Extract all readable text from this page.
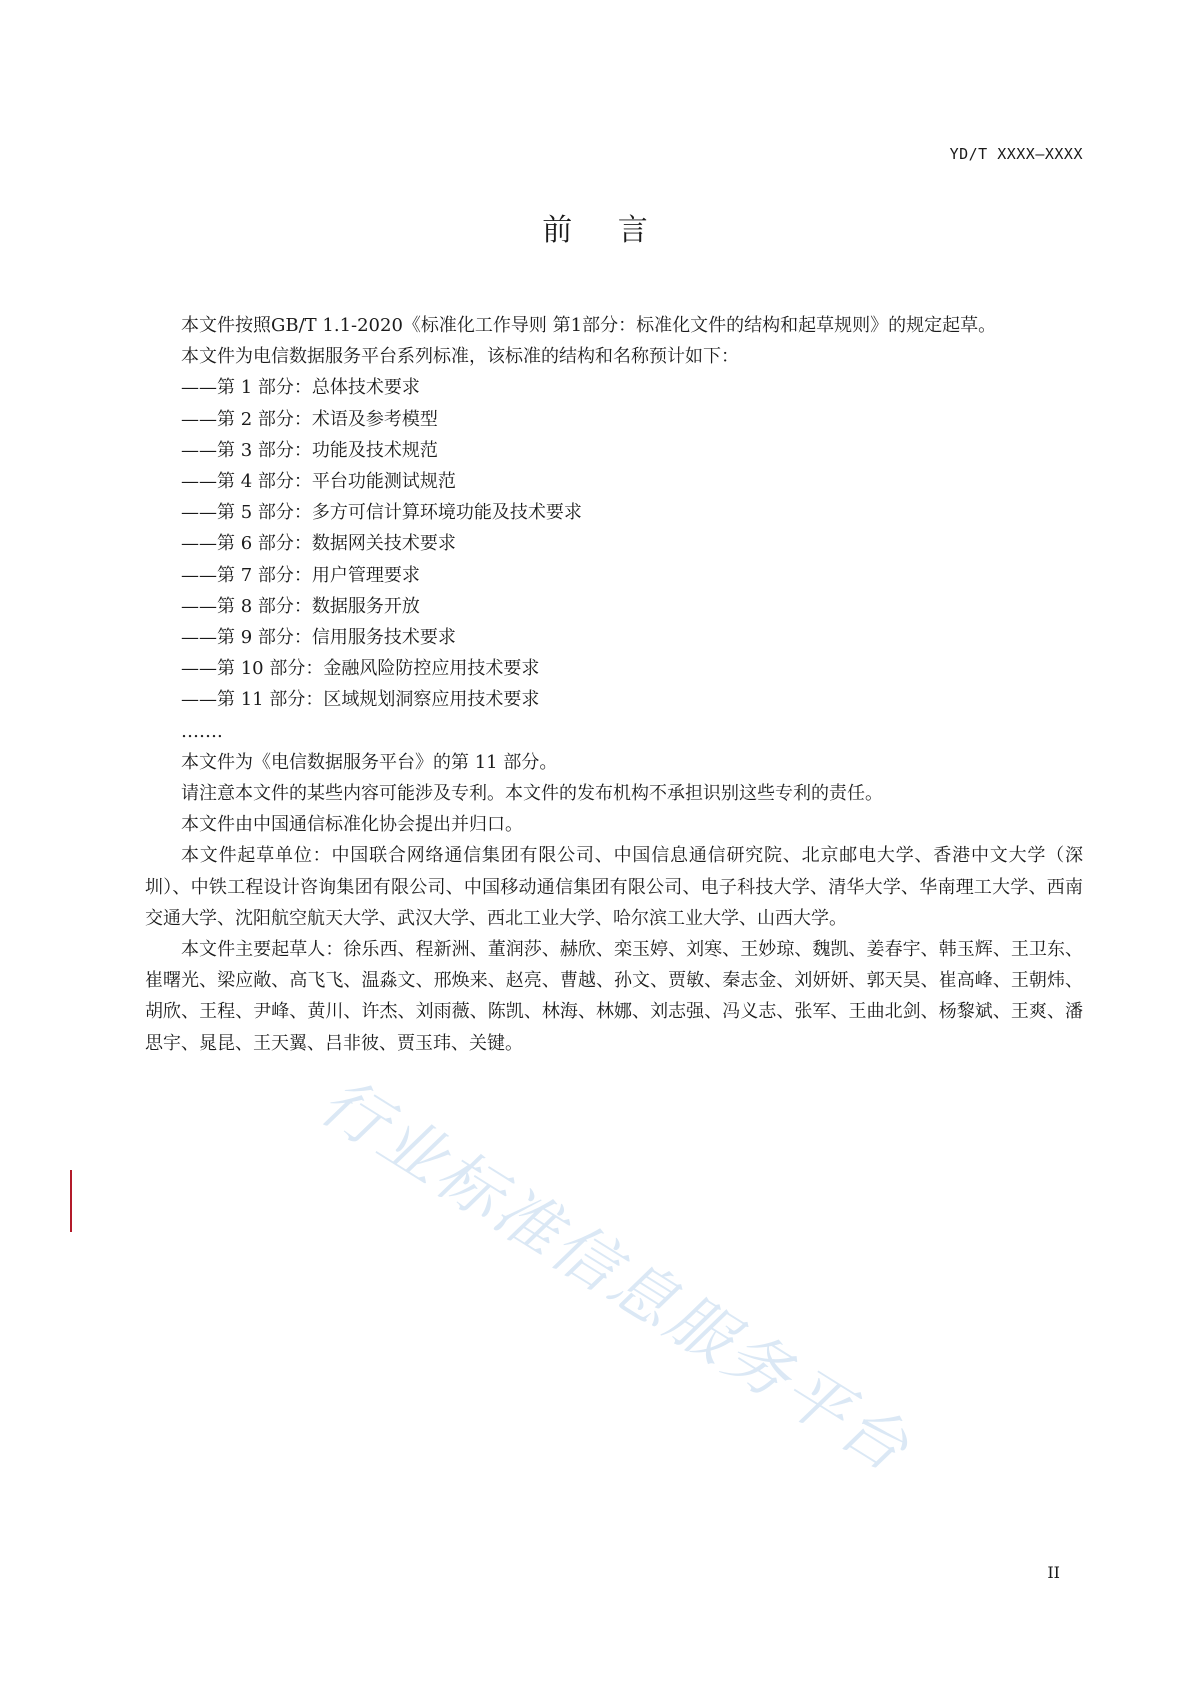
YD/T XXXX—XXXX
前 言

本文件按照GB/T 1.1-2020《标准化工作导则 第1部分：标准化文件的结构和起草规则》的规定起草。

本文件为电信数据服务平台系列标准，该标准的结构和名称预计如下：

——第 1 部分：总体技术要求

——第 2 部分：术语及参考模型

——第 3 部分：功能及技术规范

——第 4 部分：平台功能测试规范

——第 5 部分：多方可信计算环境功能及技术要求

——第 6 部分：数据网关技术要求

——第 7 部分：用户管理要求

——第 8 部分：数据服务开放

——第 9 部分：信用服务技术要求

——第 10 部分：金融风险防控应用技术要求

——第 11 部分：区域规划洞察应用技术要求

…….

本文件为《电信数据服务平台》的第 11 部分。

请注意本文件的某些内容可能涉及专利。本文件的发布机构不承担识别这些专利的责任。

本文件由中国通信标准化协会提出并归口。

本文件起草单位：中国联合网络通信集团有限公司、中国信息通信研究院、北京邮电大学、香港中文大学（深圳）、中铁工程设计咨询集团有限公司、中国移动通信集团有限公司、电子科技大学、清华大学、华南理工大学、西南交通大学、沈阳航空航天大学、武汉大学、西北工业大学、哈尔滨工业大学、山西大学。

本文件主要起草人：徐乐西、程新洲、董润莎、赫欣、栾玉婷、刘寒、王妙琼、魏凯、姜春宇、韩玉辉、王卫东、崔曙光、梁应敞、高飞飞、温淼文、邢焕来、赵亮、曹越、孙文、贾敏、秦志金、刘妍妍、郭天昊、崔高峰、王朝炜、胡欣、王程、尹峰、黄川、许杰、刘雨薇、陈凯、林海、林娜、刘志强、冯义志、张军、王曲北剑、杨黎斌、王爽、潘思宇、晁昆、王天翼、吕非彼、贾玉玮、关键。

行业标准信息服务平台
II
